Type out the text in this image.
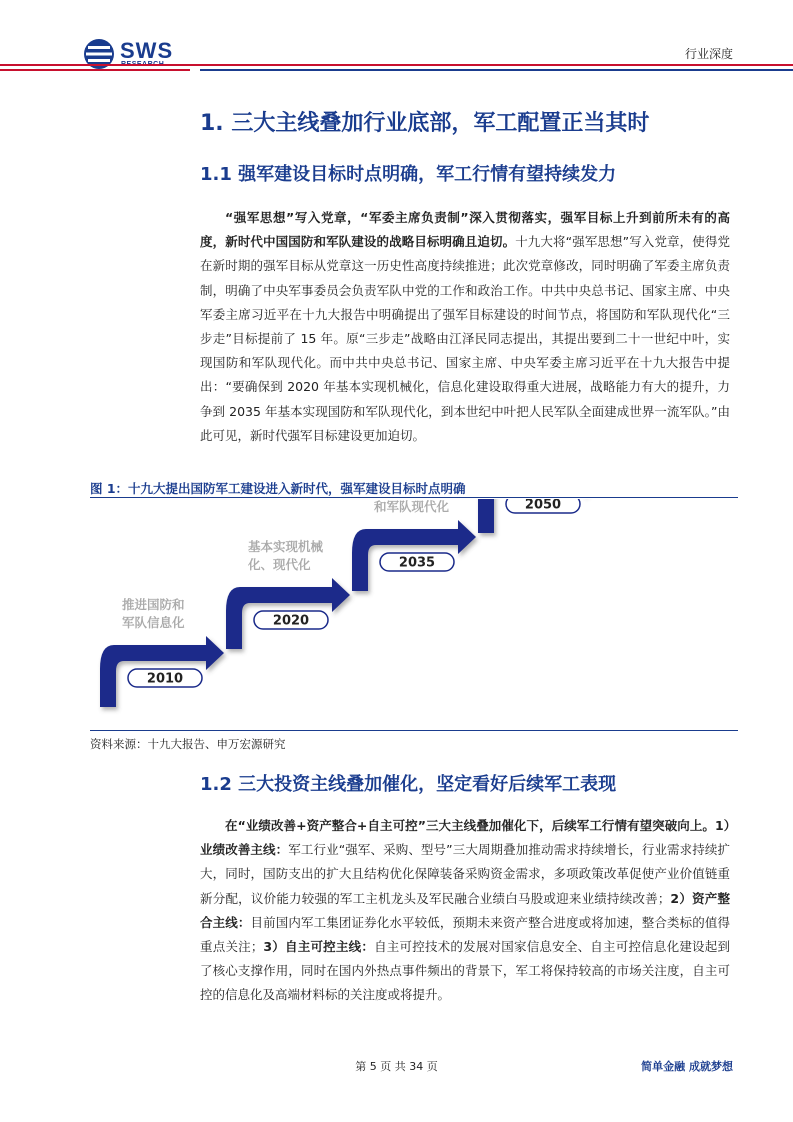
SWS	行业深度
1. 三大主线叠加行业底部，军工配置正当其时
1.1 强军建设目标时点明确，军工行情有望持续发力
“强军思想”写入党章，“军委主席负责制”深入贯彻落实，强军目标上升到前所未有的高度，新时代中国国防和军队建设的战略目标明确且迫切。十九大将“强军思想”写入党章，使得党在新时期的强军目标从党章这一历史性高度持续推进；此次党章修改，同时明确了军委主席负责制，明确了中央军事委员会负责军队中党的工作和政治工作。中共中央总书记、国家主席、中央军委主席习近平在十九大报告中明确提出了强军目标建设的时间节点，将国防和军队现代化“三步走”目标提前了 15 年。原“三步走”战略由江泽民同志提出，其提出要到二十一世纪中叶，实现国防和军队现代化。而中共中央总书记、国家主席、中央军委主席习近平在十九大报告中提出：“要确保到 2020 年基本实现机械化，信息化建设取得重大进展，战略能力有大的提升，力争到 2035 年基本实现国防和军队现代化，到本世纪中叶把人民军队全面建成世界一流军队。”由此可见，新时代强军目标建设更加迫切。
图 1：十九大提出国防军工建设进入新时代，强军建设目标时点明确
2010
推进国防和
军队信息化	2020
基本实现机械
化、现代化	2035
和军队现代化	2050
资料来源：十九大报告、申万宏源研究
1.2 三大投资主线叠加催化，坚定看好后续军工表现
在“业绩改善+资产整合+自主可控”三大主线叠加催化下，后续军工行情有望突破向上。1）业绩改善主线：军工行业“强军、采购、型号”三大周期叠加推动需求持续增长，行业需求持续扩大，同时，国防支出的扩大且结构优化保障装备采购资金需求，多项政策改革促使产业价值链重新分配，议价能力较强的军工主机龙头及军民融合业绩白马股或迎来业绩持续改善；2）资产整合主线：目前国内军工集团证券化水平较低，预期未来资产整合进度或将加速，整合类标的值得重点关注；3）自主可控主线：自主可控技术的发展对国家信息安全、自主可控信息化建设起到了核心支撑作用，同时在国内外热点事件频出的背景下，军工将保持较高的市场关注度，自主可控的信息化及高端材料标的关注度或将提升。
第 5 页 共 34 页	简单金融 成就梦想
